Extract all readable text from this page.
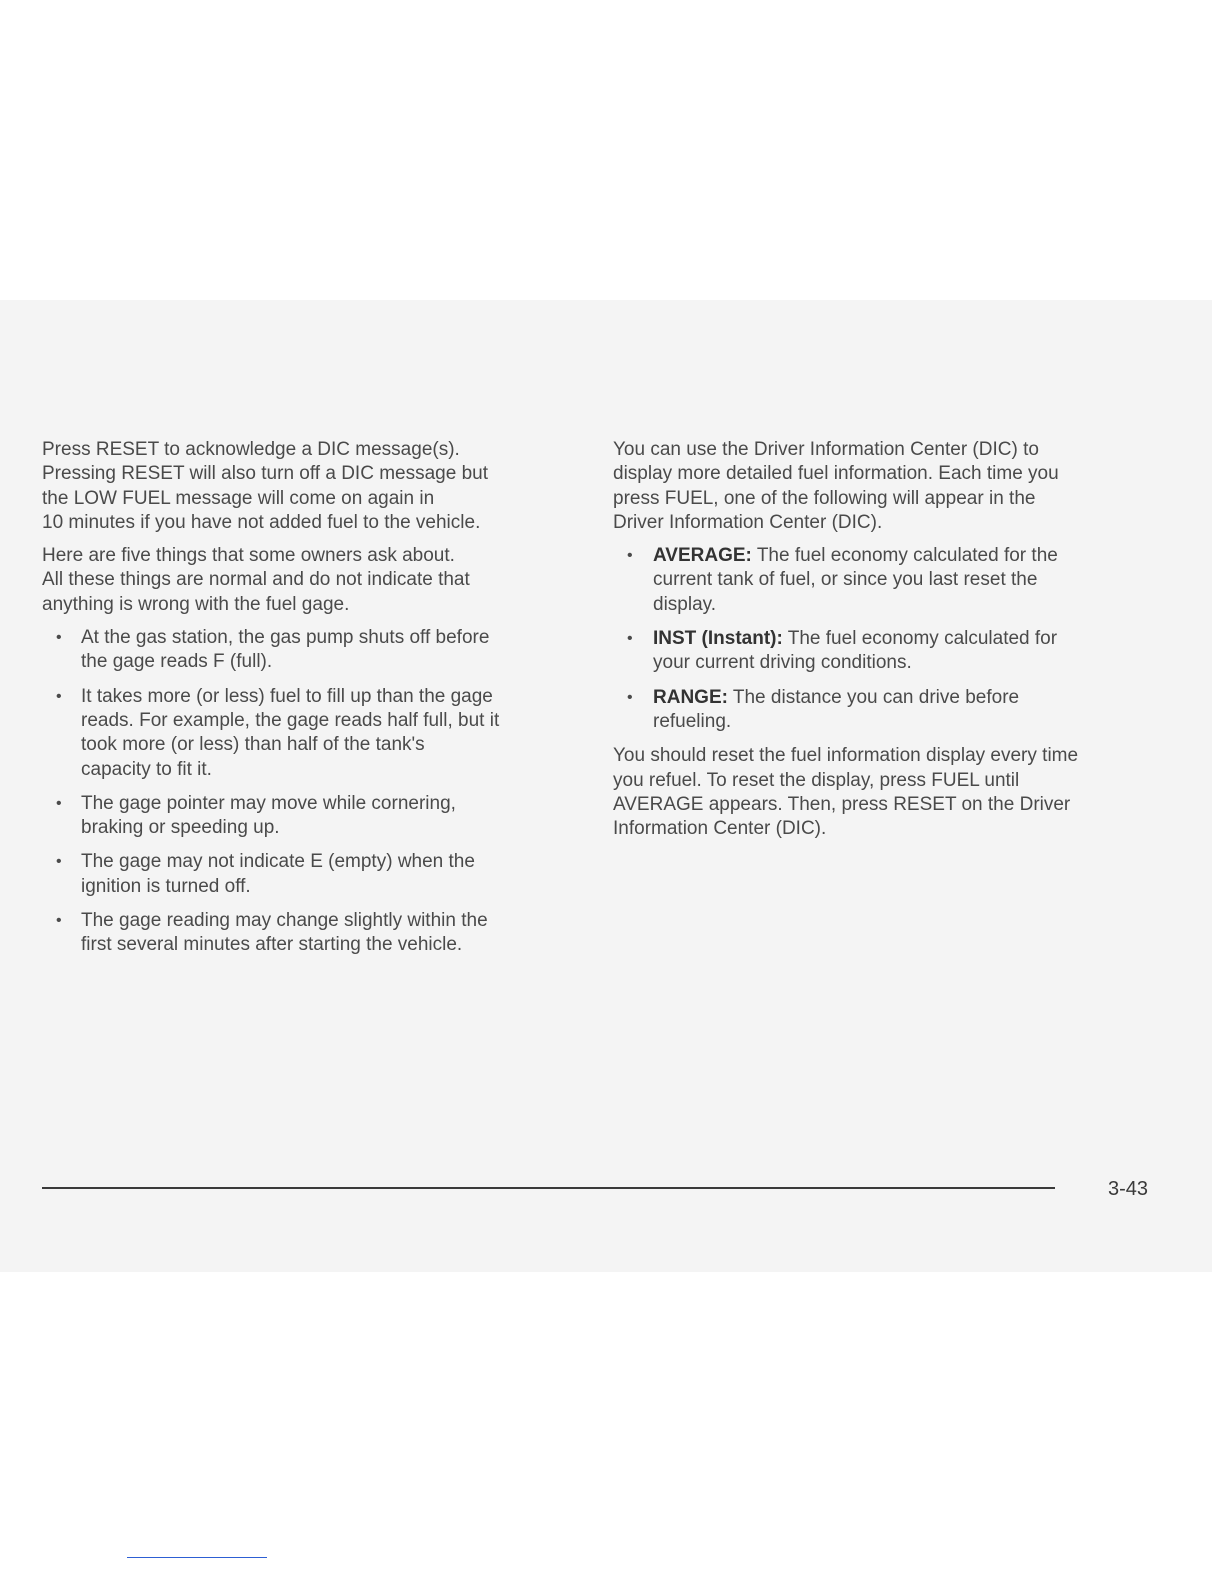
Press RESET to acknowledge a DIC message(s).
Pressing RESET will also turn off a DIC message but
the LOW FUEL message will come on again in
10 minutes if you have not added fuel to the vehicle.

Here are five things that some owners ask about.
All these things are normal and do not indicate that
anything is wrong with the fuel gage.

• At the gas station, the gas pump shuts off before
the gage reads F (full).
• It takes more (or less) fuel to fill up than the gage
reads. For example, the gage reads half full, but it
took more (or less) than half of the tank's
capacity to fit it.
• The gage pointer may move while cornering,
braking or speeding up.
• The gage may not indicate E (empty) when the
ignition is turned off.
• The gage reading may change slightly within the
first several minutes after starting the vehicle.

You can use the Driver Information Center (DIC) to
display more detailed fuel information. Each time you
press FUEL, one of the following will appear in the
Driver Information Center (DIC).

• AVERAGE: The fuel economy calculated for the
current tank of fuel, or since you last reset the
display.
• INST (Instant): The fuel economy calculated for
your current driving conditions.
• RANGE: The distance you can drive before
refueling.

You should reset the fuel information display every time
you refuel. To reset the display, press FUEL until
AVERAGE appears. Then, press RESET on the Driver
Information Center (DIC).

3-43
